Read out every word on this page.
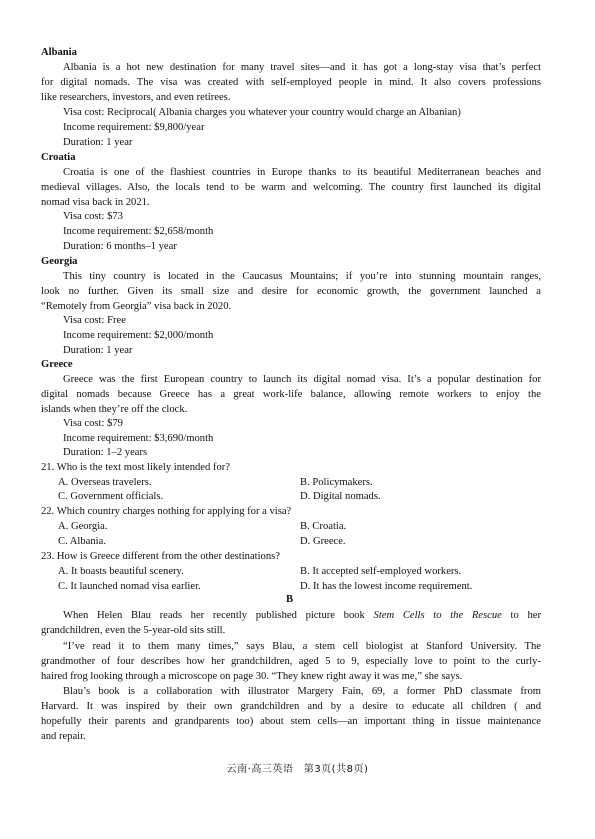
Albania
Albania is a hot new destination for many travel sites—and it has got a long-stay visa that’s perfect
for digital nomads. The visa was created with self-employed people in mind. It also covers professions
like researchers, investors, and even retirees.
Visa cost: Reciprocal( Albania charges you whatever your country would charge an Albanian)
Income requirement: $9,800/year
Duration: 1 year
Croatia
Croatia is one of the flashiest countries in Europe thanks to its beautiful Mediterranean beaches and
medieval villages. Also, the locals tend to be warm and welcoming. The country first launched its digital
nomad visa back in 2021.
Visa cost: $73
Income requirement: $2,658/month
Duration: 6 months–1 year
Georgia
This tiny country is located in the Caucasus Mountains; if you’re into stunning mountain ranges,
look no further. Given its small size and desire for economic growth, the government launched a
“Remotely from Georgia” visa back in 2020.
Visa cost: Free
Income requirement: $2,000/month
Duration: 1 year
Greece
Greece was the first European country to launch its digital nomad visa. It’s a popular destination for
digital nomads because Greece has a great work-life balance, allowing remote workers to enjoy the
islands when they’re off the clock.
Visa cost: $79
Income requirement: $3,690/month
Duration: 1–2 years
21. Who is the text most likely intended for?
A. Overseas travelers.	B. Policymakers.
C. Government officials.	D. Digital nomads.
22. Which country charges nothing for applying for a visa?
A. Georgia.	B. Croatia.
C. Albania.	D. Greece.
23. How is Greece different from the other destinations?
A. It boasts beautiful scenery.	B. It accepted self-employed workers.
C. It launched nomad visa earlier.	D. It has the lowest income requirement.
B
When Helen Blau reads her recently published picture book Stem Cells to the Rescue to her
grandchildren, even the 5-year-old sits still.
“I’ve read it to them many times,” says Blau, a stem cell biologist at Stanford University. The
grandmother of four describes how her grandchildren, aged 5 to 9, especially love to point to the curly-
haired frog looking through a microscope on page 30. “They knew right away it was me,” she says.
Blau’s book is a collaboration with illustrator Margery Fain, 69, a former PhD classmate from
Harvard. It was inspired by their own grandchildren and by a desire to educate all children ( and
hopefully their parents and grandparents too) about stem cells—an important thing in tissue maintenance
and repair.
云南·高三英语　第3页(共8页)
